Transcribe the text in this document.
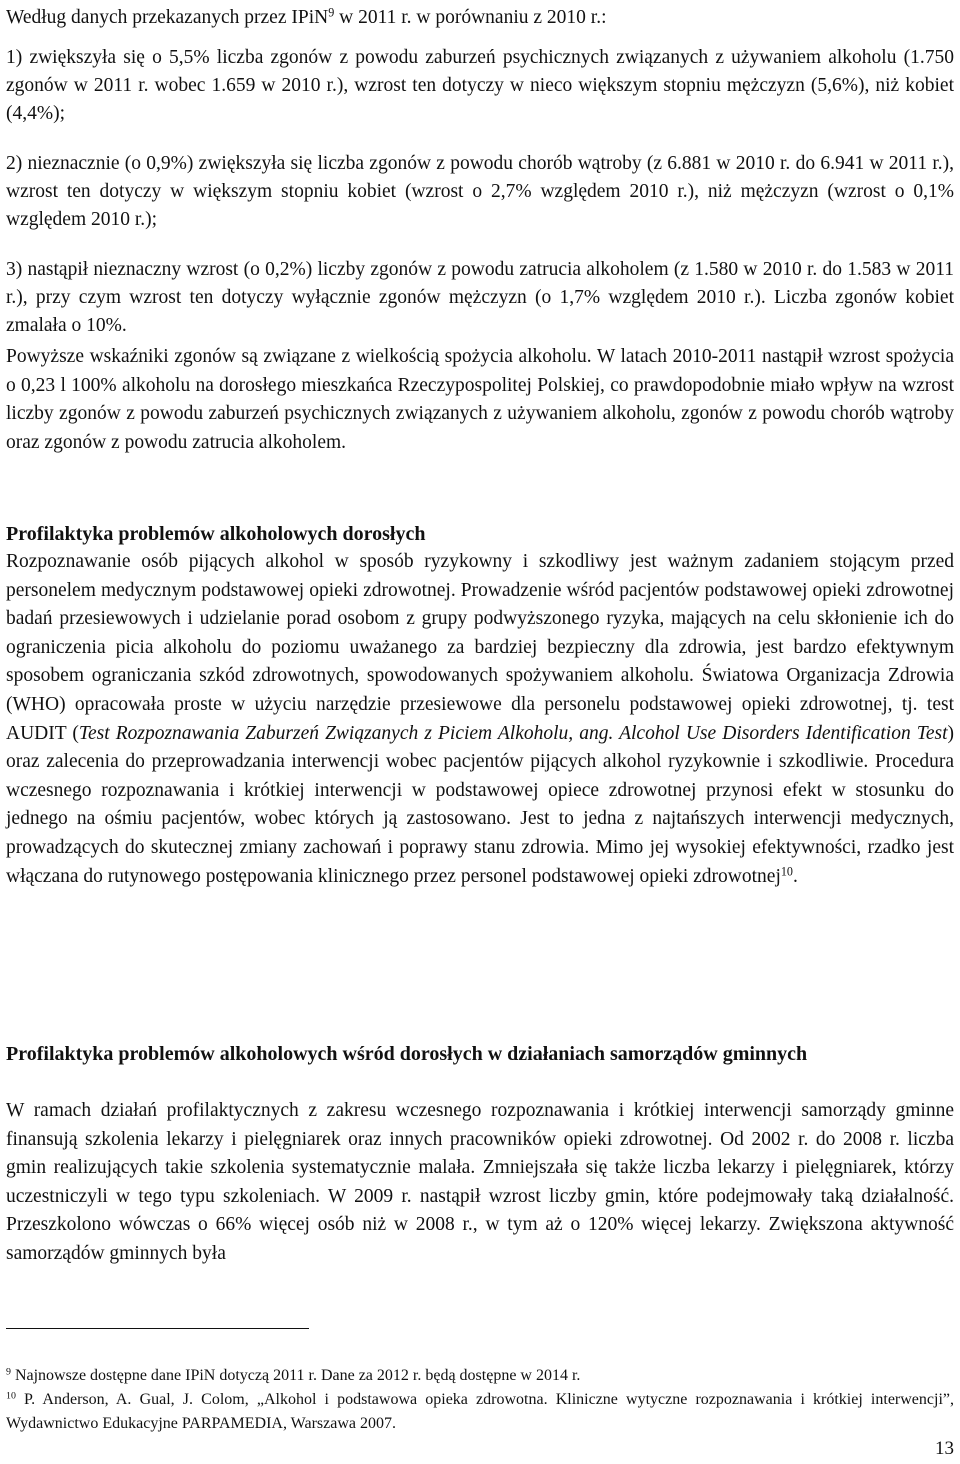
Według danych przekazanych przez IPiN$^9$ w 2011 r. w porównaniu z 2010 r.:

1) zwiększyła się o 5,5% liczba zgonów z powodu zaburzeń psychicznych związanych z używaniem alkoholu (1.750 zgonów w 2011 r. wobec 1.659 w 2010 r.), wzrost ten dotyczy w nieco większym stopniu mężczyzn (5,6%), niż kobiet (4,4%);

2) nieznacznie (o 0,9%) zwiększyła się liczba zgonów z powodu chorób wątroby (z 6.881 w 2010 r. do 6.941 w 2011 r.), wzrost ten dotyczy w większym stopniu kobiet (wzrost o 2,7% względem 2010 r.), niż mężczyzn (wzrost o 0,1% względem 2010 r.);

3) nastąpił nieznaczny wzrost (o 0,2%) liczby zgonów z powodu zatrucia alkoholem (z 1.580 w 2010 r. do 1.583 w 2011 r.), przy czym wzrost ten dotyczy wyłącznie zgonów mężczyzn (o 1,7% względem 2010 r.). Liczba zgonów kobiet zmalała o 10%.

Powyższe wskaźniki zgonów są związane z wielkością spożycia alkoholu. W latach 2010-2011 nastąpił wzrost spożycia o 0,23 l 100% alkoholu na dorosłego mieszkańca Rzeczypospolitej Polskiej, co prawdopodobnie miało wpływ na wzrost liczby zgonów z powodu zaburzeń psychicznych związanych z używaniem alkoholu, zgonów z powodu chorób wątroby oraz zgonów z powodu zatrucia alkoholem.

Profilaktyka problemów alkoholowych dorosłych

Rozpoznawanie osób pijących alkohol w sposób ryzykowny i szkodliwy jest ważnym zadaniem stojącym przed personelem medycznym podstawowej opieki zdrowotnej. Prowadzenie wśród pacjentów podstawowej opieki zdrowotnej badań przesiewowych i udzielanie porad osobom z grupy podwyższonego ryzyka, mających na celu skłonienie ich do ograniczenia picia alkoholu do poziomu uważanego za bardziej bezpieczny dla zdrowia, jest bardzo efektywnym sposobem ograniczania szkód zdrowotnych, spowodowanych spożywaniem alkoholu. Światowa Organizacja Zdrowia (WHO) opracowała proste w użyciu narzędzie przesiewowe dla personelu podstawowej opieki zdrowotnej, tj. test AUDIT (Test Rozpoznawania Zaburzeń Związanych z Piciem Alkoholu, ang. Alcohol Use Disorders Identification Test) oraz zalecenia do przeprowadzania interwencji wobec pacjentów pijących alkohol ryzykownie i szkodliwie. Procedura wczesnego rozpoznawania i krótkiej interwencji w podstawowej opiece zdrowotnej przynosi efekt w stosunku do jednego na ośmiu pacjentów, wobec których ją zastosowano. Jest to jedna z najtańszych interwencji medycznych, prowadzących do skutecznej zmiany zachowań i poprawy stanu zdrowia. Mimo jej wysokiej efektywności, rzadko jest włączana do rutynowego postępowania klinicznego przez personel podstawowej opieki zdrowotnej$^{10}$.

Profilaktyka problemów alkoholowych wśród dorosłych w działaniach samorządów gminnych

W ramach działań profilaktycznych z zakresu wczesnego rozpoznawania i krótkiej interwencji samorządy gminne finansują szkolenia lekarzy i pielęgniarek oraz innych pracowników opieki zdrowotnej. Od 2002 r. do 2008 r. liczba gmin realizujących takie szkolenia systematycznie malała. Zmniejszała się także liczba lekarzy i pielęgniarek, którzy uczestniczyli w tego typu szkoleniach. W 2009 r. nastąpił wzrost liczby gmin, które podejmowały taką działalność. Przeszkolono wówczas o 66% więcej osób niż w 2008 r., w tym aż o 120% więcej lekarzy. Zwiększona aktywność samorządów gminnych była

$^9$ Najnowsze dostępne dane IPiN dotyczą 2011 r. Dane za 2012 r. będą dostępne w 2014 r.

$^{10}$ P. Anderson, A. Gual, J. Colom, „Alkohol i podstawowa opieka zdrowotna. Kliniczne wytyczne rozpoznawania i krótkiej interwencji”, Wydawnictwo Edukacyjne PARPAMEDIA, Warszawa 2007.

13
